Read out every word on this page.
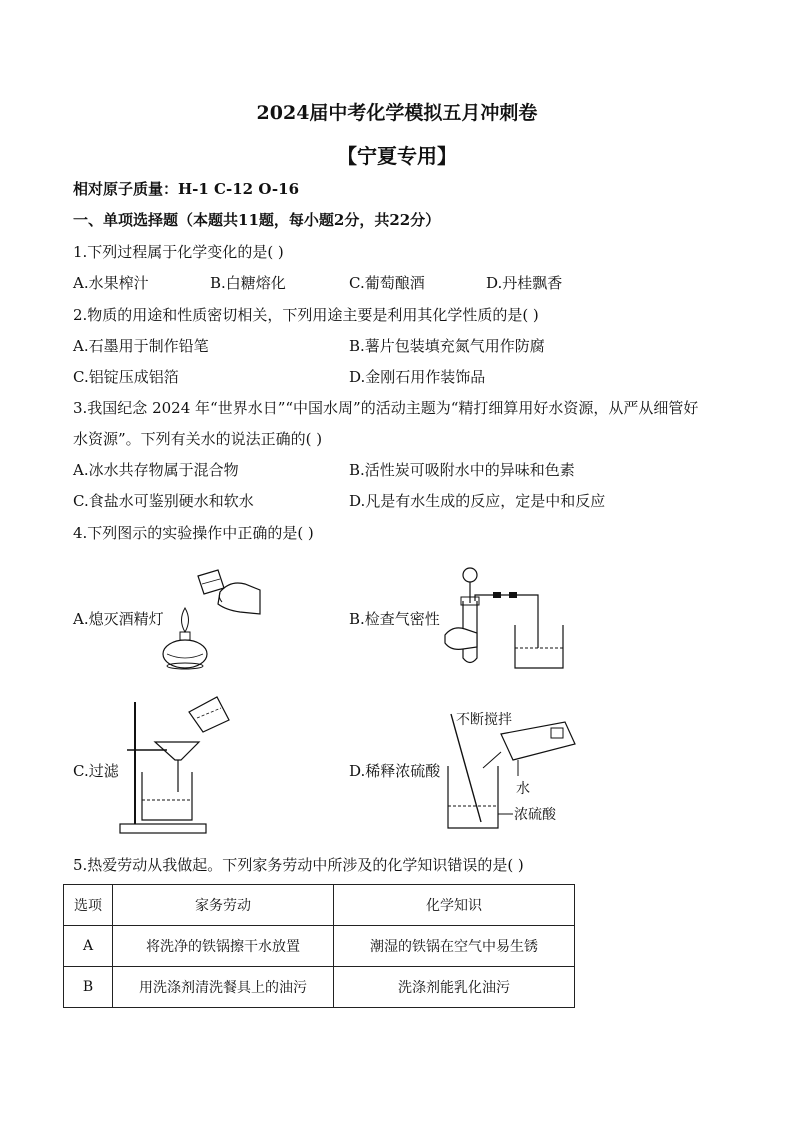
2024届中考化学模拟五月冲刺卷
【宁夏专用】
相对原子质量：H-1 C-12 O-16
一、单项选择题（本题共11题，每小题2分，共22分）
1.下列过程属于化学变化的是( )
A.水果榨汁	B.白糖熔化	C.葡萄酿酒	D.丹桂飘香
2.物质的用途和性质密切相关，下列用途主要是利用其化学性质的是( )
A.石墨用于制作铅笔	B.薯片包装填充氮气用作防腐
C.铝锭压成铝箔	D.金刚石用作装饰品
3.我国纪念 2024 年“世界水日”“中国水周”的活动主题为“精打细算用好水资源，从严从细管好
水资源”。下列有关水的说法正确的( )
A.冰水共存物属于混合物	B.活性炭可吸附水中的异味和色素
C.食盐水可鉴别硬水和软水	D.凡是有水生成的反应，定是中和反应
4.下列图示的实验操作中正确的是( )
A.熄灭酒精灯	B.检查气密性
C.过滤	D.稀释浓硫酸
不断搅拌
水
浓硫酸
5.热爱劳动从我做起。下列家务劳动中所涉及的化学知识错误的是( )
选项	家务劳动	化学知识
A	将洗净的铁锅擦干水放置	潮湿的铁锅在空气中易生锈
B	用洗涤剂清洗餐具上的油污	洗涤剂能乳化油污
